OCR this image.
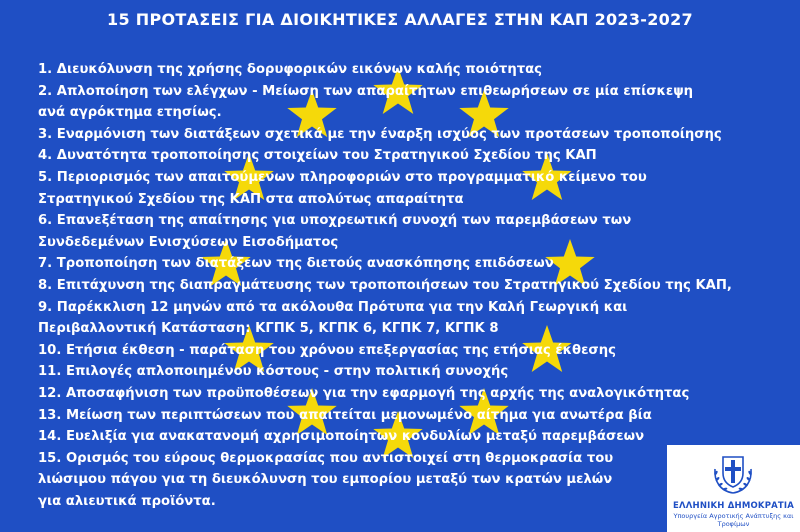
15 ΠΡΟΤΑΣΕΙΣ ΓΙΑ ΔΙΟΙΚΗΤΙΚΕΣ ΑΛΛΑΓΕΣ ΣΤΗΝ ΚΑΠ 2023-2027
1. Διευκόλυνση της χρήσης δορυφορικών εικόνων καλής ποιότητας
2. Απλοποίηση των ελέγχων - Μείωση των απαραίτητων επιθεωρήσεων σε μία επίσκεψη
ανά αγρόκτημα ετησίως.
3. Εναρμόνιση των διατάξεων σχετικά με την έναρξη ισχύος των προτάσεων τροποποίησης
4. Δυνατότητα τροποποίησης στοιχείων του Στρατηγικού Σχεδίου της ΚΑΠ
5. Περιορισμός των απαιτούμενων πληροφοριών στο προγραμματικό κείμενο του
Στρατηγικού Σχεδίου της ΚΑΠ στα απολύτως απαραίτητα
6. Επανεξέταση της απαίτησης για υποχρεωτική συνοχή των παρεμβάσεων των
Συνδεδεμένων Ενισχύσεων Εισοδήματος
7. Τροποποίηση των διατάξεων της διετούς ανασκόπησης επιδόσεων
8. Επιτάχυνση της διαπραγμάτευσης των τροποποιήσεων του Στρατηγικού Σχεδίου της ΚΑΠ,
9. Παρέκκλιση 12 μηνών από τα ακόλουθα Πρότυπα για την Καλή Γεωργική και
Περιβαλλοντική Κατάσταση: ΚΓΠΚ 5, ΚΓΠΚ 6, ΚΓΠΚ 7, ΚΓΠΚ 8
10. Ετήσια έκθεση - παράταση του χρόνου επεξεργασίας της ετήσιας έκθεσης
11. Επιλογές απλοποιημένου κόστους - στην πολιτική συνοχής
12. Αποσαφήνιση των προϋποθέσεων για την εφαρμογή της αρχής της αναλογικότητας
13. Μείωση των περιπτώσεων που απαιτείται μεμονωμένο αίτημα για ανωτέρα βία
14. Ευελιξία για ανακατανομή αχρησιμοποίητων κονδυλίων μεταξύ παρεμβάσεων
15. Ορισμός του εύρους θερμοκρασίας που αντιστοιχεί στη θερμοκρασία του
λιώσιμου πάγου για τη διευκόλυνση του εμπορίου μεταξύ των κρατών μελών
για αλιευτικά προϊόντα.	ΕΛΛΗΝΙΚΗ ΔΗΜΟΚΡΑΤΙΑ
Υπουργεία Αγροτικής Ανάπτυξης και Τροφίμων
